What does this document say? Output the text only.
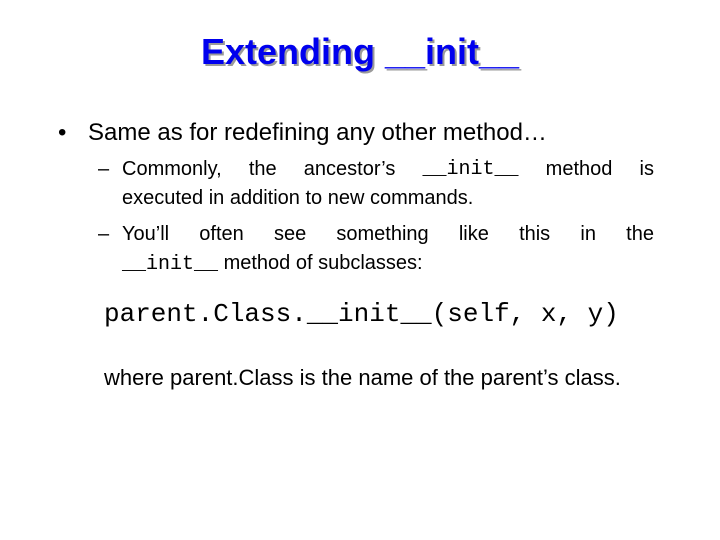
Extending __init__
• Same as for redefining any other method…
– Commonly, the ancestor’s __init__ method is
executed in addition to new commands.
– You’ll often see something like this in the
__init__ method of subclasses:
parent.Class.__init__(self, x, y)
where parent.Class is the name of the parent’s class.
